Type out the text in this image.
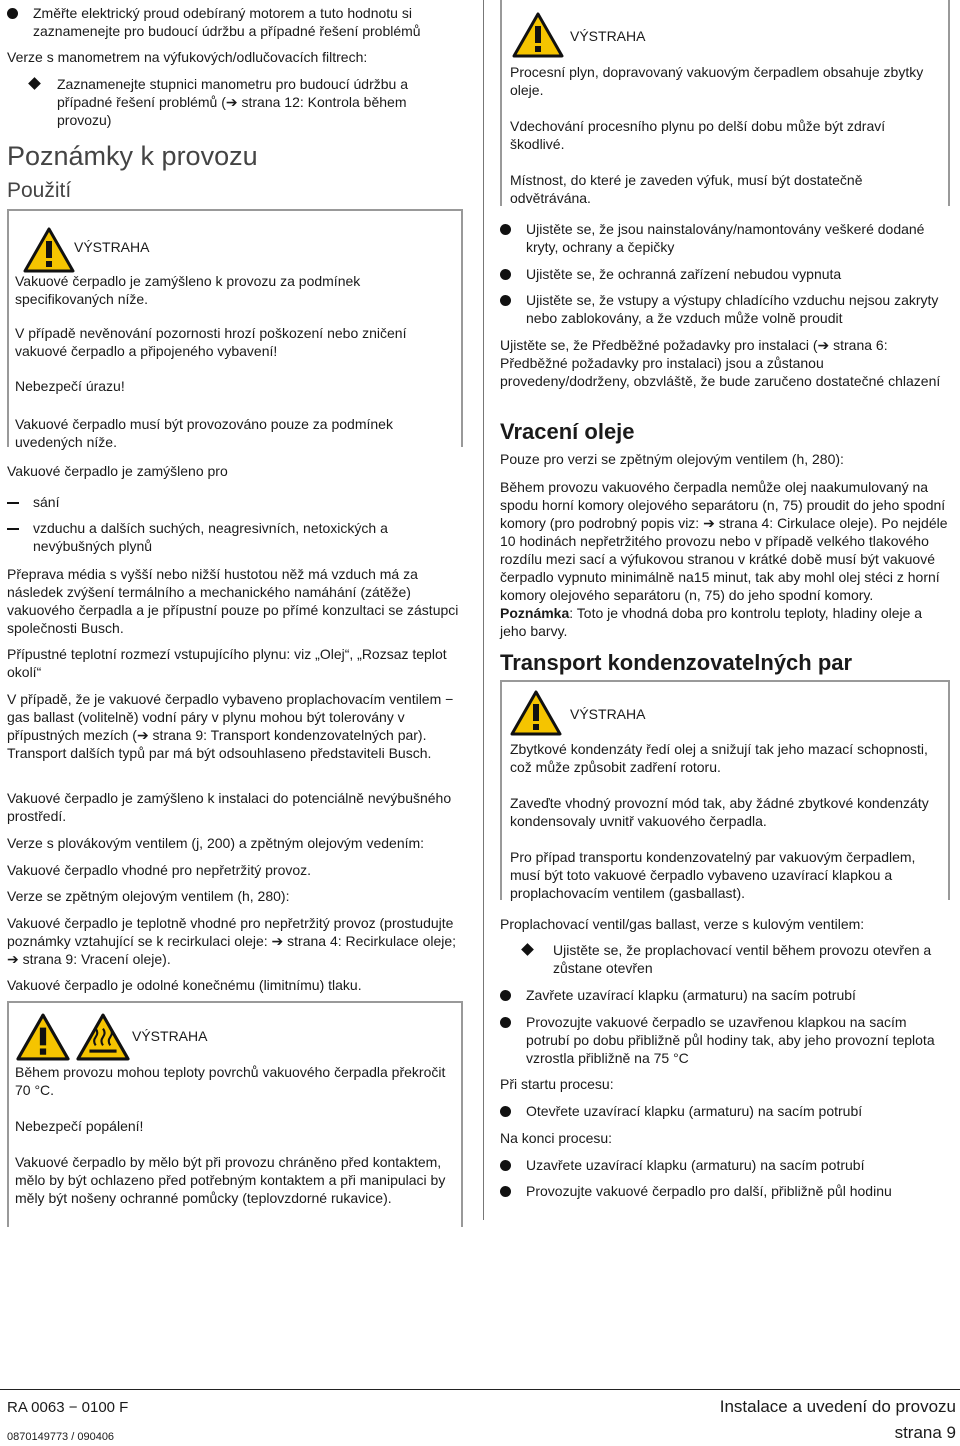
Změřte elektrický proud odebíraný motorem a tuto hodnotu si zaznamenejte pro budoucí údržbu a případné řešení problémů

Verze s manometrem na výfukových/odlučovacích filtrech:

Zaznamenejte stupnici manometru pro budoucí údržbu a případné řešení problémů (➔ strana 12: Kontrola během provozu)

Poznámky k provozu
Použití
VÝSTRAHA

Vakuové čerpadlo je zamýšleno k provozu za podmínek specifikovaných níže.

V případě nevěnování pozornosti hrozí poškození nebo zničení vakuové čerpadlo a připojeného vybavení!

Nebezpečí úrazu!

Vakuové čerpadlo musí být provozováno pouze za podmínek uvedených níže.

Vakuové čerpadlo je zamýšleno pro

sání

vzduchu a dalších suchých, neagresivních, netoxických a nevýbušných plynů

Přeprava média s vyšší nebo nižší hustotou něž má vzduch má za následek zvýšení termálního a mechanického namáhání (zátěže) vakuového čerpadla a je přípustní pouze po přímé konzultaci se zástupci společnosti Busch.

Přípustné teplotní rozmezí vstupujícího plynu: viz „Olej“, „Rozsaz teplot okolí“

V případě, že je vakuové čerpadlo vybaveno proplachovacím ventilem − gas ballast (volitelně) vodní páry v plynu mohou být tolerovány v přípustných mezích (➔ strana 9: Transport kondenzovatelných par). Transport dalších typů par má být odsouhlaseno představiteli Busch.

Vakuové čerpadlo je zamýšleno k instalaci do potenciálně nevýbušného prostředí.

Verze s plovákovým ventilem (j, 200) a zpětným olejovým vedením:

Vakuové čerpadlo vhodné pro nepřetržitý provoz.

Verze se zpětným olejovým ventilem (h, 280):

Vakuové čerpadlo je teplotně vhodné pro nepřetržitý provoz (prostudujte poznámky vztahující se k recirkulaci oleje: ➔ strana 4: Recirkulace oleje; ➔ strana 9: Vracení oleje).

Vakuové čerpadlo je odolné konečnému (limitnímu) tlaku.

VÝSTRAHA

Během provozu mohou teploty povrchů vakuového čerpadla překročit 70 °C.

Nebezpečí popálení!

Vakuové čerpadlo by mělo být při provozu chráněno před kontaktem, mělo by být ochlazeno před potřebným kontaktem a při manipulaci by měly být nošeny ochranné pomůcky (teplovzdorné rukavice).

VÝSTRAHA

Procesní plyn, dopravovaný vakuovým čerpadlem obsahuje zbytky oleje.

Vdechování procesního plynu po delší dobu může být zdraví škodlivé.

Místnost, do které je zaveden výfuk, musí být dostatečně odvětrávána.

Ujistěte se, že jsou nainstalovány/namontovány veškeré dodané kryty, ochrany a čepičky

Ujistěte se, že ochranná zařízení nebudou vypnuta

Ujistěte se, že vstupy a výstupy chladícího vzduchu nejsou zakryty nebo zablokovány, a že vzduch může volně proudit

Ujistěte se, že Předběžné požadavky pro instalaci (➔ strana 6: Předběžné požadavky pro instalaci) jsou a zůstanou provedeny/dodrženy, obzvláště, že bude zaručeno dostatečné chlazení

Vracení oleje

Pouze pro verzi se zpětným olejovým ventilem (h, 280):

Během provozu vakuového čerpadla nemůže olej naakumulovaný na spodu horní komory olejového separátoru (n, 75) proudit do jeho spodní komory (pro podrobný popis viz: ➔ strana 4: Cirkulace oleje). Po nejdéle 10 hodinách nepřetržitého provozu nebo v případě velkého tlakového rozdílu mezi sací a výfukovou stranou v krátké době musí být vakuové čerpadlo vypnuto minimálně na15 minut, tak aby mohl olej stéci z horní komory olejového separátoru (n, 75) do jeho spodní komory. Poznámka: Toto je vhodná doba pro kontrolu teploty, hladiny oleje a jeho barvy.

Transport kondenzovatelných par
VÝSTRAHA

Zbytkové kondenzáty ředí olej a snižují tak jeho mazací schopnosti, což může způsobit zadření rotoru.

Zaveďte vhodný provozní mód tak, aby žádné zbytkové kondenzáty kondensovaly uvnitř vakuového čerpadla.

Pro případ transportu kondenzovatelný par vakuovým čerpadlem, musí být toto vakuové čerpadlo vybaveno uzavírací klapkou a proplachovacím ventilem (gasballast).

Proplachovací ventil/gas ballast, verze s kulovým ventilem:

Ujistěte se, že proplachovací ventil během provozu otevřen a zůstane otevřen

Zavřete uzavírací klapku (armaturu) na sacím potrubí

Provozujte vakuové čerpadlo se uzavřenou klapkou na sacím potrubí po dobu přibližně půl hodiny tak, aby jeho provozní teplota vzrostla přibližně na 75 °C

Při startu procesu:

Otevřete uzavírací klapku (armaturu) na sacím potrubí

Na konci procesu:

Uzavřete uzavírací klapku (armaturu) na sacím potrubí

Provozujte vakuové čerpadlo pro další, přibližně půl hodinu

RA 0063 − 0100 F
0870149773 / 090406
Instalace a uvedení do provozu
strana 9
